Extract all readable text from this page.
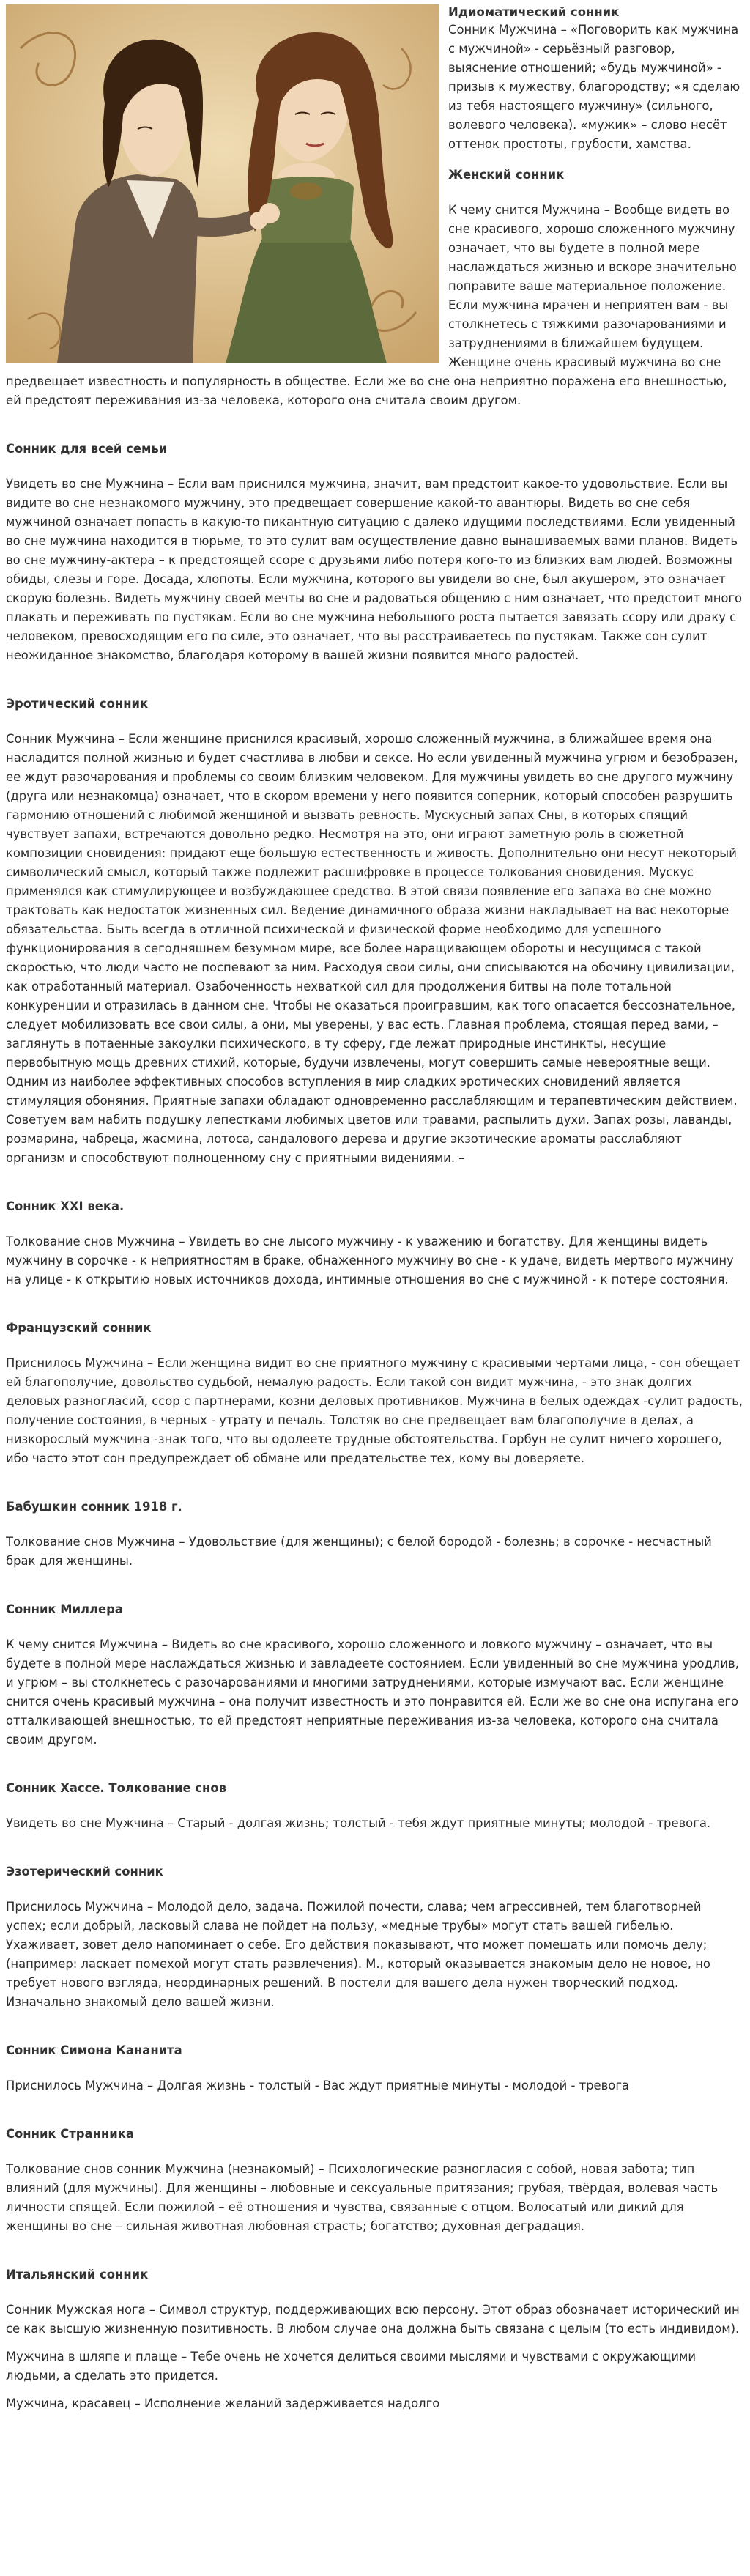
Идиоматический сонник

Сонник Мужчина – «Поговорить как мужчина с мужчиной» - серьёзный разговор, выяснение отношений; «будь мужчиной» - призыв к мужеству, благородству; «я сделаю из тебя настоящего мужчину» (сильного, волевого человека). «мужик» – слово несёт оттенок простоты, грубости, хамства.

Женский сонник

К чему снится Мужчина – Вообще видеть во сне красивого, хорошо сложенного мужчину означает, что вы будете в полной мере наслаждаться жизнью и вскоре значительно поправите ваше материальное положение. Если мужчина мрачен и неприятен вам - вы столкнетесь с тяжкими разочарованиями и затруднениями в ближайшем будущем. Женщине очень красивый мужчина во сне предвещает известность и популярность в обществе. Если же во сне она неприятно поражена его внешностью, ей предстоят переживания из-за человека, которого она считала своим другом.

Сонник для всей семьи

Увидеть во сне Мужчина – Если вам приснился мужчина, значит, вам предстоит какое-то удовольствие. Если вы видите во сне незнакомого мужчину, это предвещает совершение какой-то авантюры. Видеть во сне себя мужчиной означает попасть в какую-то пикантную ситуацию с далеко идущими последствиями. Если увиденный во сне мужчина находится в тюрьме, то это сулит вам осуществление давно вынашиваемых вами планов. Видеть во сне мужчину-актера – к предстоящей ссоре с друзьями либо потеря кого-то из близких вам людей. Возможны обиды, слезы и горе. Досада, хлопоты. Если мужчина, которого вы увидели во сне, был акушером, это означает скорую болезнь. Видеть мужчину своей мечты во сне и радоваться общению с ним означает, что предстоит много плакать и переживать по пустякам. Если во сне мужчина небольшого роста пытается завязать ссору или драку с человеком, превосходящим его по силе, это означает, что вы расстраиваетесь по пустякам. Также сон сулит неожиданное знакомство, благодаря которому в вашей жизни появится много радостей.

Эротический сонник

Сонник Мужчина – Если женщине приснился красивый, хорошо сложенный мужчина, в ближайшее время она насладится полной жизнью и будет счастлива в любви и сексе. Но если увиденный мужчина угрюм и безобразен, ее ждут разочарования и проблемы со своим близким человеком. Для мужчины увидеть во сне другого мужчину (друга или незнакомца) означает, что в скором времени у него появится соперник, который способен разрушить гармонию отношений с любимой женщиной и вызвать ревность. Мускусный запах Сны, в которых спящий чувствует запахи, встречаются довольно редко. Несмотря на это, они играют заметную роль в сюжетной композиции сновидения: придают еще большую естественность и живость. Дополнительно они несут некоторый символический смысл, который также подлежит расшифровке в процессе толкования сновидения. Мускус применялся как стимулирующее и возбуждающее средство. В этой связи появление его запаха во сне можно трактовать как недостаток жизненных сил. Ведение динамичного образа жизни накладывает на вас некоторые обязательства. Быть всегда в отличной психической и физической форме необходимо для успешного функционирования в сегодняшнем безумном мире, все более наращивающем обороты и несущимся с такой скоростью, что люди часто не поспевают за ним. Расходуя свои силы, они списываются на обочину цивилизации, как отработанный материал. Озабоченность нехваткой сил для продолжения битвы на поле тотальной конкуренции и отразилась в данном сне. Чтобы не оказаться проигравшим, как того опасается бессознательное, следует мобилизовать все свои силы, а они, мы уверены, у вас есть. Главная проблема, стоящая перед вами, – заглянуть в потаенные закоулки психического, в ту сферу, где лежат природные инстинкты, несущие первобытную мощь древних стихий, которые, будучи извлечены, могут совершить самые невероятные вещи. Одним из наиболее эффективных способов вступления в мир сладких эротических сновидений является стимуляция обоняния. Приятные запахи обладают одновременно расслабляющим и терапевтическим действием. Советуем вам набить подушку лепестками любимых цветов или травами, распылить духи. Запах розы, лаванды, розмарина, чабреца, жасмина, лотоса, сандалового дерева и другие экзотические ароматы расслабляют организм и способствуют полноценному сну с приятными видениями. –

Сонник XXI века.

Толкование снов Мужчина – Увидеть во сне лысого мужчину - к уважению и богатству. Для женщины видеть мужчину в сорочке - к неприятностям в браке, обнаженного мужчину во сне - к удаче, видеть мертвого мужчину на улице - к открытию новых источников дохода, интимные отношения во сне с мужчиной - к потере состояния.

Французский сонник

Приснилось Мужчина – Если женщина видит во сне приятного мужчину с красивыми чертами лица, - сон обещает ей благополучие, довольство судьбой, немалую радость. Если такой сон видит мужчина, - это знак долгих деловых разногласий, ссор с партнерами, козни деловых противников. Мужчина в белых одеждах -сулит радость, получение состояния, в черных - утрату и печаль. Толстяк во сне предвещает вам благополучие в делах, а низкорослый мужчина -знак того, что вы одолеете трудные обстоятельства. Горбун не сулит ничего хорошего, ибо часто этот сон предупреждает об обмане или предательстве тех, кому вы доверяете.

Бабушкин сонник 1918 г.

Толкование снов Мужчина – Удовольствие (для женщины); с белой бородой - болезнь; в сорочке - несчастный брак для женщины.

Сонник Миллера

К чему снится Мужчина – Видеть во сне красивого, хорошо сложенного и ловкого мужчину – означает, что вы будете в полной мере наслаждаться жизнью и завладеете состоянием. Если увиденный во сне мужчина уродлив, и угрюм – вы столкнетесь с разочарованиями и многими затруднениями, которые измучают вас. Если женщине снится очень красивый мужчина – она получит известность и это понравится ей. Если же во сне она испугана его отталкивающей внешностью, то ей предстоят неприятные переживания из-за человека, которого она считала своим другом.

Сонник Хассе. Толкование снов

Увидеть во сне Мужчина – Старый - долгая жизнь; толстый - тебя ждут приятные минуты; молодой - тревога.

Эзотерический сонник

Приснилось Мужчина – Молодой дело, задача. Пожилой почести, слава; чем агрессивней, тем благотворней успех; если добрый, ласковый слава не пойдет на пользу, «медные трубы» могут стать вашей гибелью. Ухаживает, зовет дело напоминает о себе. Его действия показывают, что может помешать или помочь делу; (например: ласкает помехой могут стать развлечения). М., который оказывается знакомым дело не новое, но требует нового взгляда, неординарных решений. В постели для вашего дела нужен творческий подход. Изначально знакомый дело вашей жизни.

Сонник Симона Кананита

Приснилось Мужчина – Долгая жизнь - толстый - Вас ждут приятные минуты - молодой - тревога

Сонник Странника

Толкование снов сонник Мужчина (незнакомый) – Психологические разногласия с собой, новая забота; тип влияний (для мужчины). Для женщины – любовные и сексуальные притязания; грубая, твёрдая, волевая часть личности спящей. Если пожилой – её отношения и чувства, связанные с отцом. Волосатый или дикий для женщины во сне – сильная животная любовная страсть; богатство; духовная деградация.

Итальянский сонник

Сонник Мужская нога – Символ структур, поддерживающих всю персону. Этот образ обозначает исторический ин се как высшую жизненную позитивность. В любом случае она должна быть связана с целым (то есть индивидом).

Мужчина в шляпе и плаще – Тебе очень не хочется делиться своими мыслями и чувствами с окружающими людьми, а сделать это придется.

Мужчина, красавец – Исполнение желаний задерживается надолго
